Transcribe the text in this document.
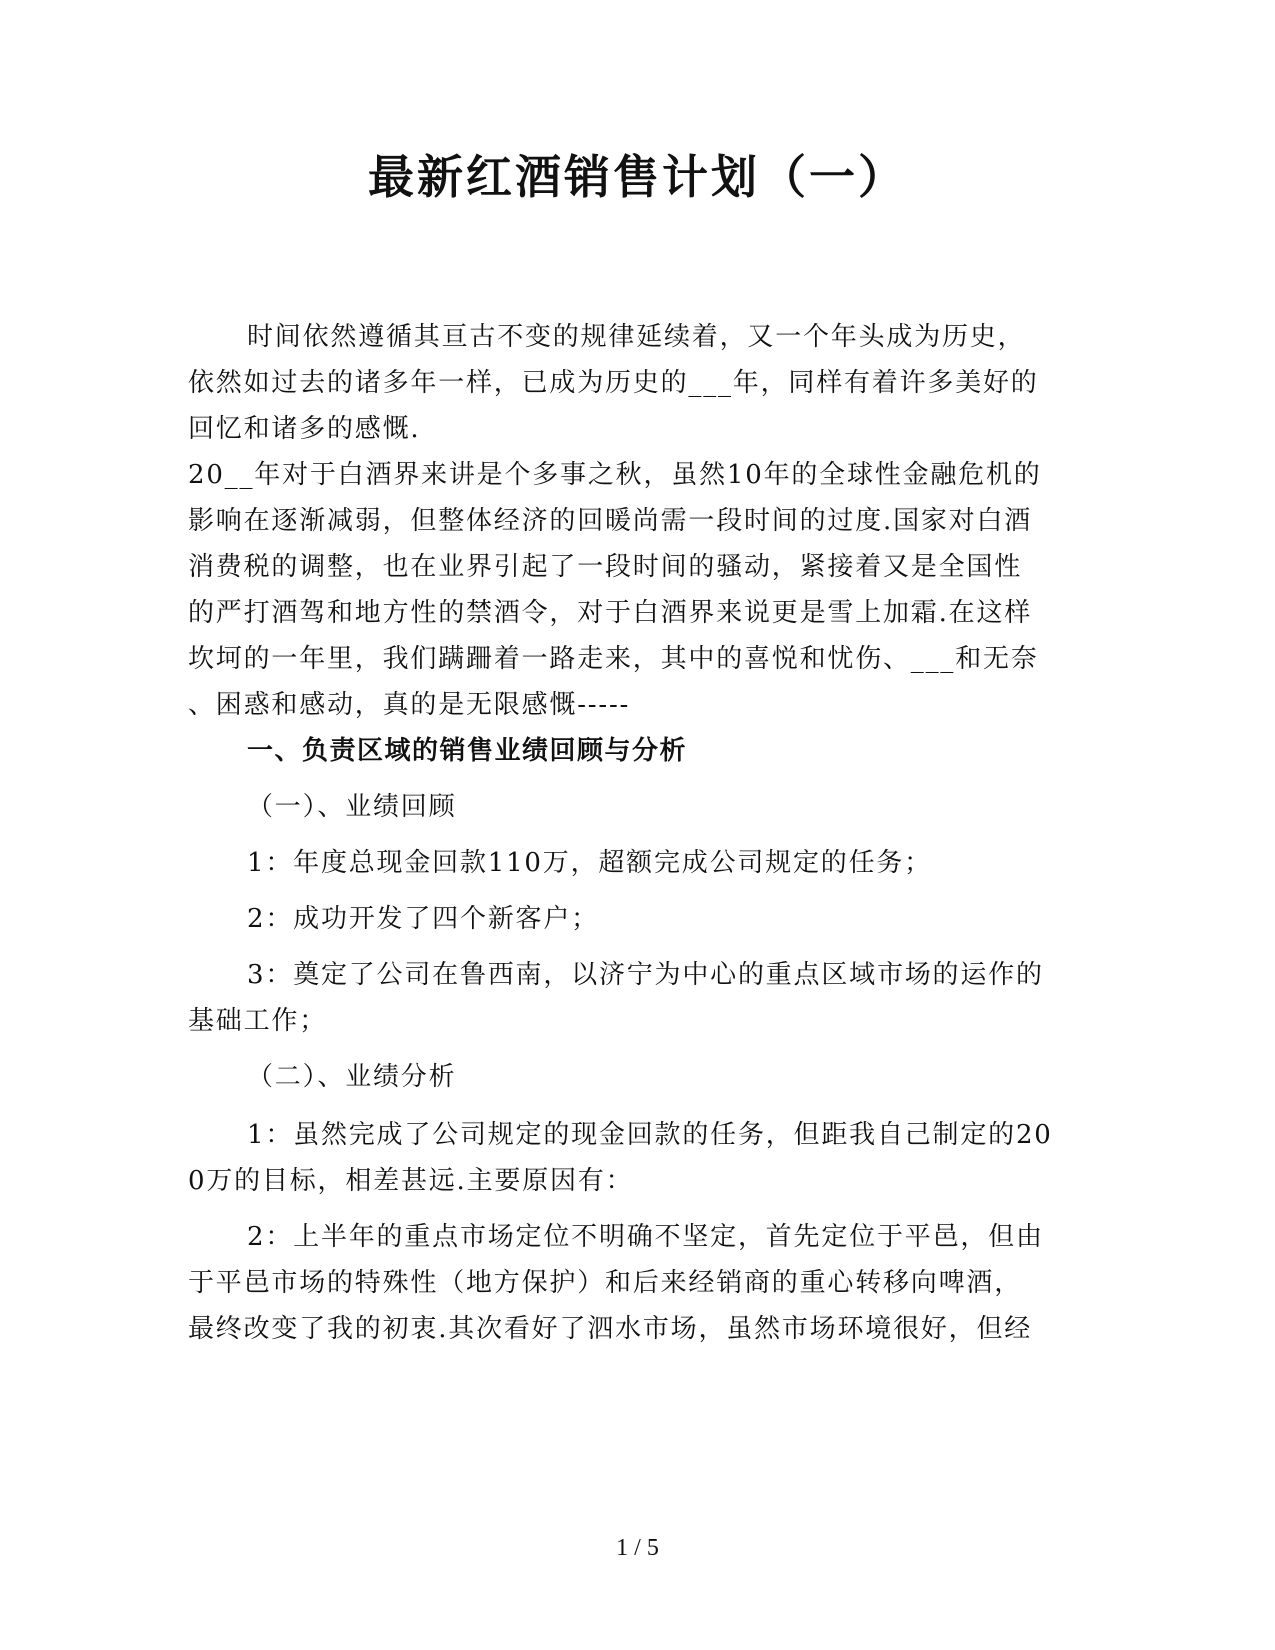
最新红酒销售计划（一）

时间依然遵循其亘古不变的规律延续着，又一个年头成为历史，
依然如过去的诸多年一样，已成为历史的___年，同样有着许多美好的
回忆和诸多的感慨.

20__年对于白酒界来讲是个多事之秋，虽然10年的全球性金融危机的
影响在逐渐减弱，但整体经济的回暖尚需一段时间的过度.国家对白酒
消费税的调整，也在业界引起了一段时间的骚动，紧接着又是全国性
的严打酒驾和地方性的禁酒令，对于白酒界来说更是雪上加霜.在这样
坎坷的一年里，我们蹒跚着一路走来，其中的喜悦和忧伤、___和无奈
、困惑和感动，真的是无限感慨-----

一、负责区域的销售业绩回顾与分析

（一）、业绩回顾

1：年度总现金回款110万，超额完成公司规定的任务；

2：成功开发了四个新客户；

3：奠定了公司在鲁西南，以济宁为中心的重点区域市场的运作的
基础工作；

（二）、业绩分析

1：虽然完成了公司规定的现金回款的任务，但距我自己制定的20
0万的目标，相差甚远.主要原因有：

2：上半年的重点市场定位不明确不坚定，首先定位于平邑，但由
于平邑市场的特殊性（地方保护）和后来经销商的重心转移向啤酒，
最终改变了我的初衷.其次看好了泗水市场，虽然市场环境很好，但经

1 / 5
